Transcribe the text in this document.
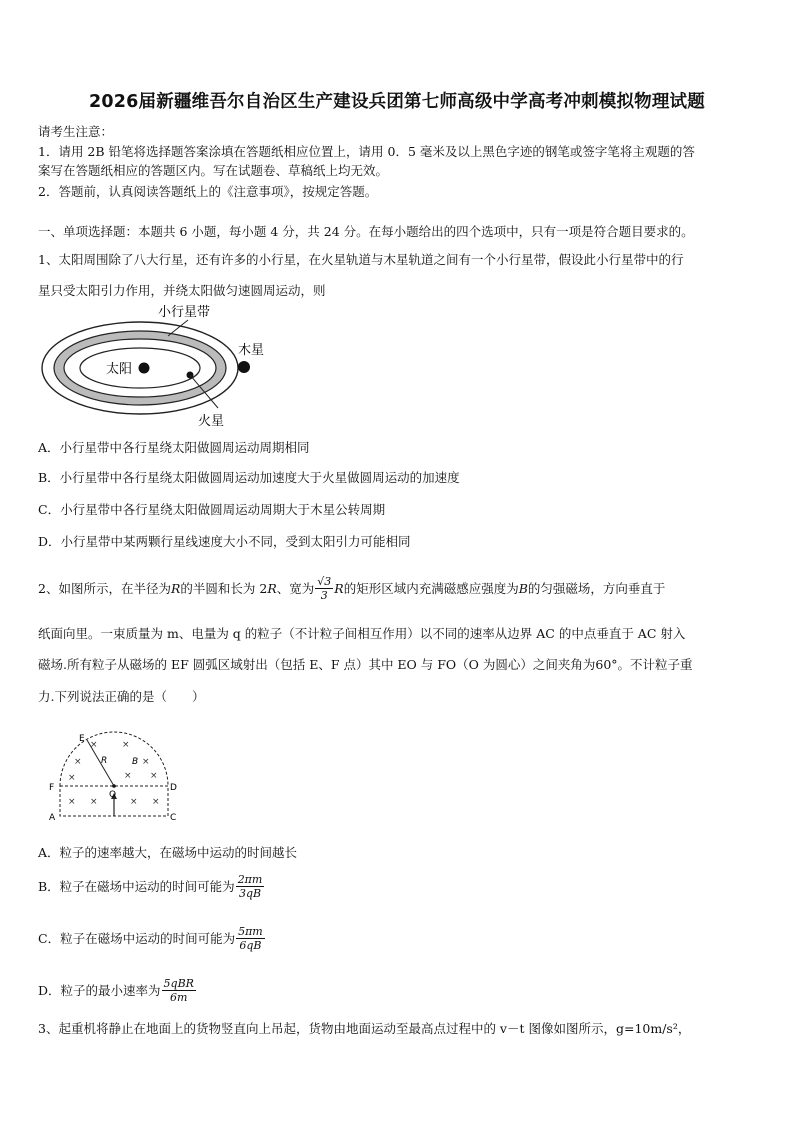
2026届新疆维吾尔自治区生产建设兵团第七师高级中学高考冲刺模拟物理试题
请考生注意：
1．请用 2B 铅笔将选择题答案涂填在答题纸相应位置上，请用 0．5 毫米及以上黑色字迹的钢笔或签字笔将主观题的答
案写在答题纸相应的答题区内。写在试题卷、草稿纸上均无效。
2．答题前，认真阅读答题纸上的《注意事项》，按规定答题。
一、单项选择题：本题共 6 小题，每小题 4 分，共 24 分。在每小题给出的四个选项中，只有一项是符合题目要求的。
1、太阳周围除了八大行星，还有许多的小行星，在火星轨道与木星轨道之间有一个小行星带，假设此小行星带中的行
星只受太阳引力作用，并绕太阳做匀速圆周运动，则
小行星带
木星
太阳
火星
A．小行星带中各行星绕太阳做圆周运动周期相同
B．小行星带中各行星绕太阳做圆周运动加速度大于火星做圆周运动的加速度
C．小行星带中各行星绕太阳做圆周运动周期大于木星公转周期
D．小行星带中某两颗行星线速度大小不同，受到太阳引力可能相同
2、如图所示，在半径为 R 的半圆和长为 2 R 、宽为 $\frac{√3}{3}$ R 的矩形区域内充满磁感应强度为 B 的匀强磁场，方向垂直于
纸面向里。一束质量为 m、电量为 q 的粒子（不计粒子间相互作用）以不同的速率从边界 AC 的中点垂直于 AC 射入
磁场.所有粒子从磁场的 EF 圆弧区域射出（包括 E、F 点）其中 EO 与 FO（O 为圆心）之间夹角为60°。不计粒子重
力.下列说法正确的是（　　）
×	×
×	×
× ×
×
× ×	× ×
E
F	D
O
A	C
R	B
A．粒子的速率越大，在磁场中运动的时间越长
B．粒子在磁场中运动的时间可能为 $\frac{2\pi m}{3qB}$
C．粒子在磁场中运动的时间可能为 $\frac{5\pi m}{6qB}$
D．粒子的最小速率为 $\frac{\text{5qBR}}{6m}$
3、起重机将静止在地面上的货物竖直向上吊起，货物由地面运动至最高点过程中的 v－t 图像如图所示，g=10m/s²，
